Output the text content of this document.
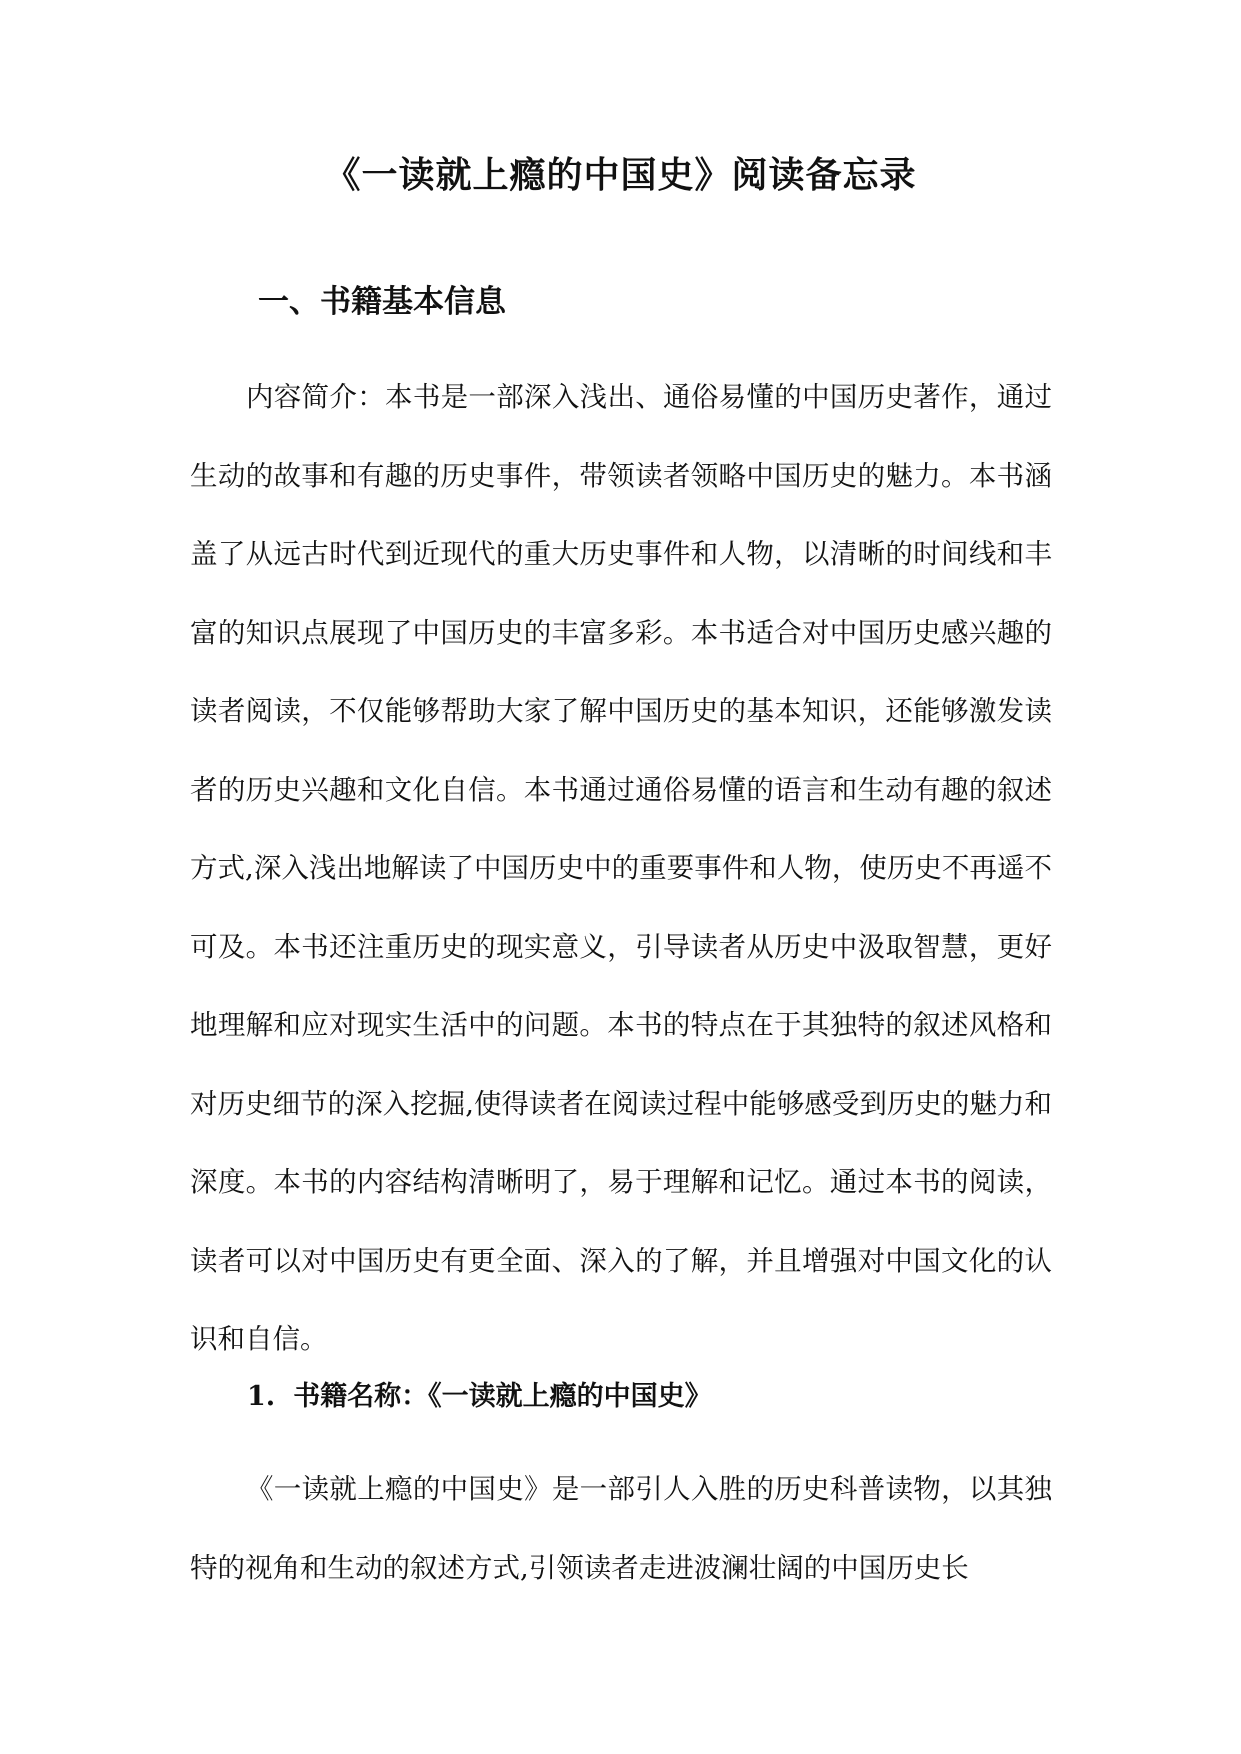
《一读就上瘾的中国史》阅读备忘录
一、书籍基本信息

内容简介：本书是一部深入浅出、通俗易懂的中国历史著作，通过生动的故事和有趣的历史事件，带领读者领略中国历史的魅力。本书涵盖了从远古时代到近现代的重大历史事件和人物，以清晰的时间线和丰富的知识点展现了中国历史的丰富多彩。本书适合对中国历史感兴趣的读者阅读，不仅能够帮助大家了解中国历史的基本知识，还能够激发读者的历史兴趣和文化自信。本书通过通俗易懂的语言和生动有趣的叙述方式,深入浅出地解读了中国历史中的重要事件和人物，使历史不再遥不可及。本书还注重历史的现实意义，引导读者从历史中汲取智慧，更好地理解和应对现实生活中的问题。本书的特点在于其独特的叙述风格和对历史细节的深入挖掘,使得读者在阅读过程中能够感受到历史的魅力和深度。本书的内容结构清晰明了，易于理解和记忆。通过本书的阅读，读者可以对中国历史有更全面、深入的了解，并且增强对中国文化的认识和自信。

1. 书籍名称：《一读就上瘾的中国史》

《一读就上瘾的中国史》是一部引人入胜的历史科普读物，以其独特的视角和生动的叙述方式,引领读者走进波澜壮阔的中国历史长
